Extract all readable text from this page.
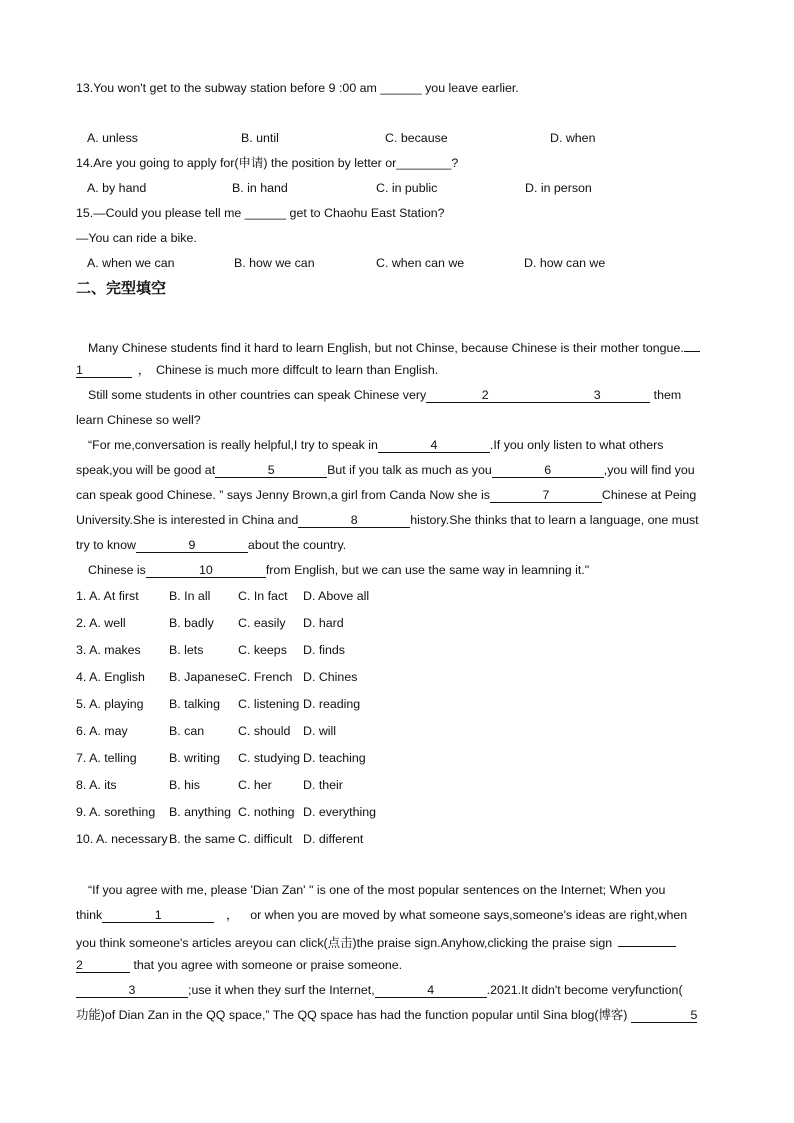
13.You won't get to the subway station before 9 :00 am ______ you leave earlier.
A. unless	B. until	C. because	D. when
14.Are you going to apply for(申请) the position by letter or________?
A. by hand	B. in hand	C. in public	D. in person
15.—Could you please tell me ______ get to Chaohu East Station?
—You can ride a bike.
A. when we can	B. how we can	C. when can we	D. how can we
二、完型填空
Many Chinese students find it hard to learn English, but not Chinse, because Chinese is their mother tongue.
1	， Chinese is much more diffcult to learn than English.
Still some students in other countries can speak Chinese very	2	3	them
learn Chinese so well?
“For me,conversation is really helpful,I try to speak in	4	.If you only listen to what others
speak,you will be good at	5	But if you talk as much as you	6	,you will find you
can speak good Chinese. ” says Jenny Brown,a girl from Canda Now she is	7	Chinese at Peing
University.She is interested in China and	8	history.She thinks that to learn a language, one must
try to know	9	about the country.
Chinese is	10	from English, but we can use the same way in leamning it."
1. A. At first B. In all C. In fact D. Above all
2. A. well	B. badly C. easily D. hard
3. A. makes B. lets	C. keeps D. finds
4. A. English B. Japanese C. French D. Chines
5. A. playing B. talking C. listening D. reading
6. A. may	B. can	C. should D. will
7. A. telling	B. writing C. studying D. teaching
8. A. its	B. his	C. her	D. their
9. A. sorething B. anything C. nothing D. everything
10. A. necessary B. the same C. difficult D. different
“If you agree with me, please 'Dian Zan' " is one of the most popular sentences on the Internet; When you
think	1	， or when you are moved by what someone says,someone's ideas are right,when
you think someone's articles areyou can click(点击)the praise sign.Anyhow,clicking the praise sign
2	that you agree with someone or praise someone.
3	;use it when they surf the Internet,	4	.2021.It didn't become veryfunction(
功能)of Dian Zan in the QQ space,” The QQ space has had the function popular until Sina blog(博客)	5
